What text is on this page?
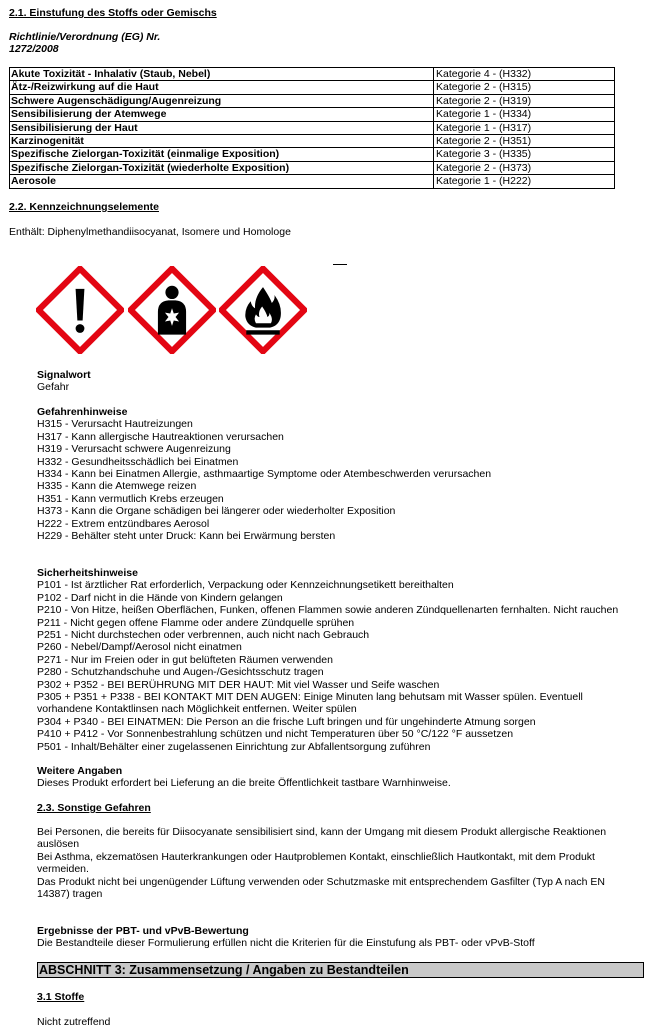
2.1. Einstufung des Stoffs oder Gemischs
Richtlinie/Verordnung (EG) Nr.
1272/2008
Akute Toxizität - Inhalativ (Staub, Nebel)	Kategorie 4 - (H332)
Ätz-/Reizwirkung auf die Haut	Kategorie 2 - (H315)
Schwere Augenschädigung/Augenreizung	Kategorie 2 - (H319)
Sensibilisierung der Atemwege	Kategorie 1 - (H334)
Sensibilisierung der Haut	Kategorie 1 - (H317)
Karzinogenität	Kategorie 2 - (H351)
Spezifische Zielorgan-Toxizität (einmalige Exposition)	Kategorie 3 - (H335)
Spezifische Zielorgan-Toxizität (wiederholte Exposition)	Kategorie 2 - (H373)
Aerosole	Kategorie 1 - (H222)
2.2. Kennzeichnungselemente
Enthält: Diphenylmethandiisocyanat, Isomere und Homologe
Signalwort
Gefahr
Gefahrenhinweise
H315 - Verursacht Hautreizungen
H317 - Kann allergische Hautreaktionen verursachen
H319 - Verursacht schwere Augenreizung
H332 - Gesundheitsschädlich bei Einatmen
H334 - Kann bei Einatmen Allergie, asthmaartige Symptome oder Atembeschwerden verursachen
H335 - Kann die Atemwege reizen
H351 - Kann vermutlich Krebs erzeugen
H373 - Kann die Organe schädigen bei längerer oder wiederholter Exposition
H222 - Extrem entzündbares Aerosol
H229 - Behälter steht unter Druck: Kann bei Erwärmung bersten
Sicherheitshinweise
P101 - Ist ärztlicher Rat erforderlich, Verpackung oder Kennzeichnungsetikett bereithalten
P102 - Darf nicht in die Hände von Kindern gelangen
P210 - Von Hitze, heißen Oberflächen, Funken, offenen Flammen sowie anderen Zündquellenarten fernhalten. Nicht rauchen
P211 - Nicht gegen offene Flamme oder andere Zündquelle sprühen
P251 - Nicht durchstechen oder verbrennen, auch nicht nach Gebrauch
P260 - Nebel/Dampf/Aerosol nicht einatmen
P271 - Nur im Freien oder in gut belüfteten Räumen verwenden
P280 - Schutzhandschuhe und Augen-/Gesichtsschutz tragen
P302 + P352 - BEI BERÜHRUNG MIT DER HAUT: Mit viel Wasser und Seife waschen
P305 + P351 + P338 - BEI KONTAKT MIT DEN AUGEN: Einige Minuten lang behutsam mit Wasser spülen. Eventuell
vorhandene Kontaktlinsen nach Möglichkeit entfernen. Weiter spülen
P304 + P340 - BEI EINATMEN: Die Person an die frische Luft bringen und für ungehinderte Atmung sorgen
P410 + P412 - Vor Sonnenbestrahlung schützen und nicht Temperaturen über 50 °C/122 °F aussetzen
P501 - Inhalt/Behälter einer zugelassenen Einrichtung zur Abfallentsorgung zuführen
Weitere Angaben
Dieses Produkt erfordert bei Lieferung an die breite Öffentlichkeit tastbare Warnhinweise.
2.3. Sonstige Gefahren
Bei Personen, die bereits für Diisocyanate sensibilisiert sind, kann der Umgang mit diesem Produkt allergische Reaktionen
auslösen
Bei Asthma, ekzematösen Hauterkrankungen oder Hautproblemen Kontakt, einschließlich Hautkontakt, mit dem Produkt
vermeiden.
Das Produkt nicht bei ungenügender Lüftung verwenden oder Schutzmaske mit entsprechendem Gasfilter (Typ A nach EN
14387) tragen
Ergebnisse der PBT- und vPvB-Bewertung
Die Bestandteile dieser Formulierung erfüllen nicht die Kriterien für die Einstufung als PBT- oder vPvB-Stoff
ABSCHNITT 3: Zusammensetzung / Angaben zu Bestandteilen
3.1 Stoffe
Nicht zutreffend
